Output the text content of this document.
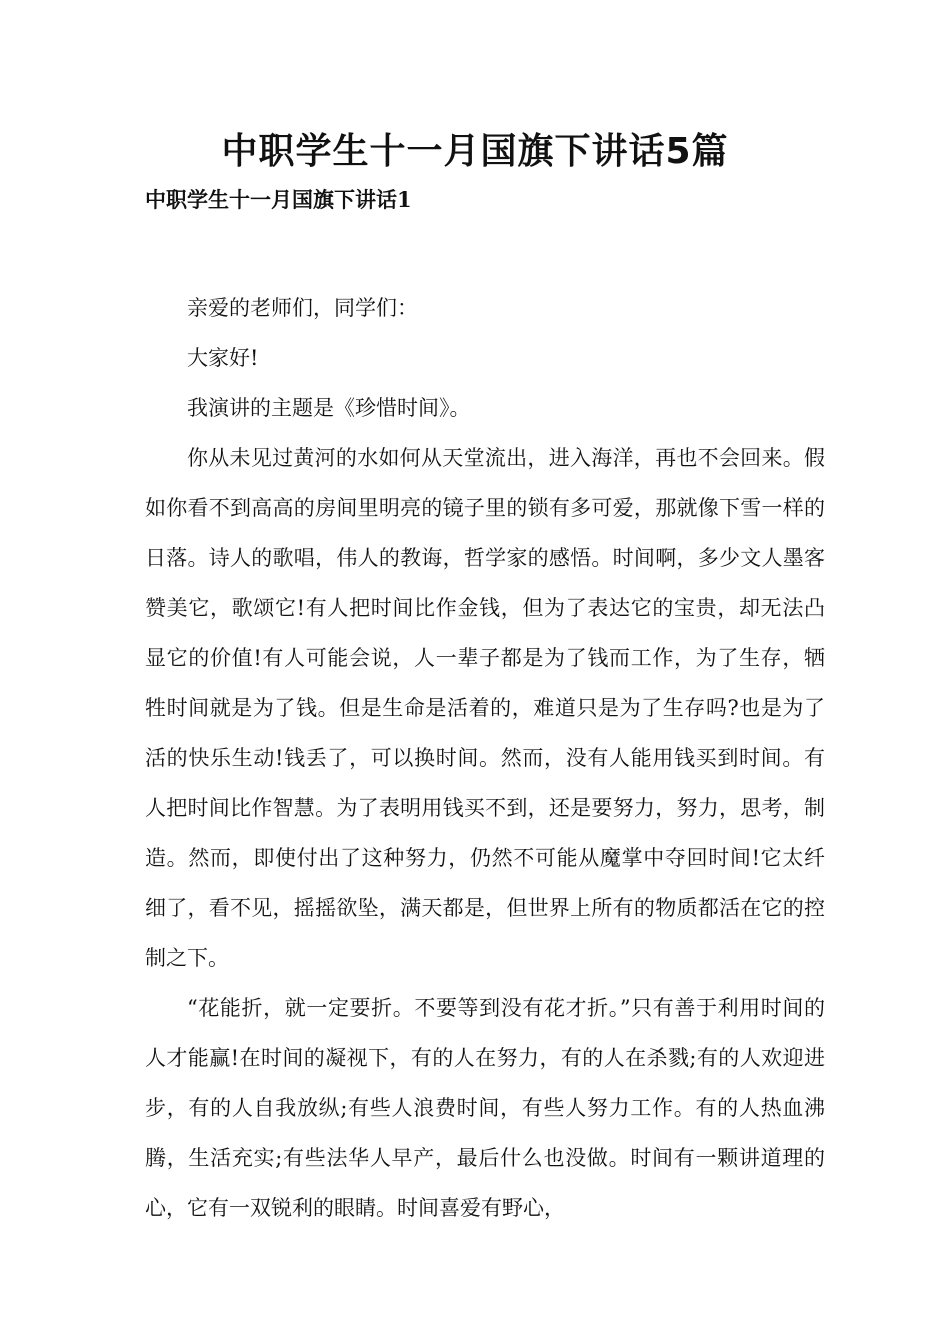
中职学生十一月国旗下讲话5篇
中职学生十一月国旗下讲话1

亲爱的老师们，同学们：

大家好!

我演讲的主题是《珍惜时间》。

你从未见过黄河的水如何从天堂流出，进入海洋，再也不会回来。假如你看不到高高的房间里明亮的镜子里的锁有多可爱，那就像下雪一样的日落。诗人的歌唱，伟人的教诲，哲学家的感悟。时间啊，多少文人墨客赞美它，歌颂它!有人把时间比作金钱，但为了表达它的宝贵，却无法凸显它的价值!有人可能会说，人一辈子都是为了钱而工作，为了生存，牺牲时间就是为了钱。但是生命是活着的，难道只是为了生存吗?也是为了活的快乐生动!钱丢了，可以换时间。然而，没有人能用钱买到时间。有人把时间比作智慧。为了表明用钱买不到，还是要努力，努力，思考，制造。然而，即使付出了这种努力，仍然不可能从魔掌中夺回时间!它太纤细了，看不见，摇摇欲坠，满天都是，但世界上所有的物质都活在它的控制之下。

“花能折，就一定要折。不要等到没有花才折。”只有善于利用时间的人才能赢!在时间的凝视下，有的人在努力，有的人在杀戮;有的人欢迎进步，有的人自我放纵;有些人浪费时间，有些人努力工作。有的人热血沸腾，生活充实;有些法华人早产，最后什么也没做。时间有一颗讲道理的心，它有一双锐利的眼睛。时间喜爱有野心，
